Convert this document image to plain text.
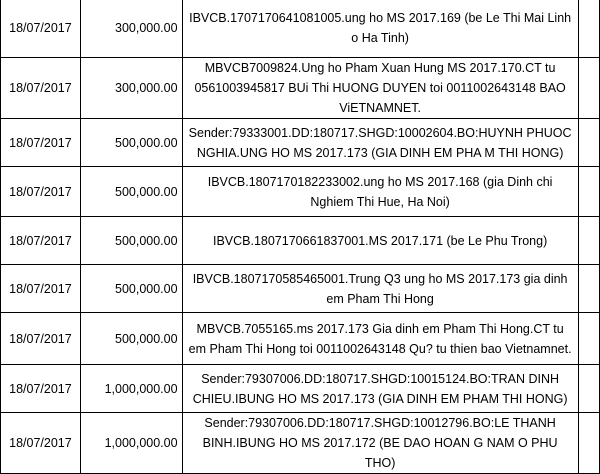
18/07/2017	300,000.00	IBVCB.1707170641081005.ung ho MS 2017.169 (be Le Thi Mai Linh o Ha Tinh)	
18/07/2017	300,000.00	MBVCB7009824.Ung ho Pham Xuan Hung MS 2017.170.CT tu 0561003945817 BUi Thi HUONG DUYEN toi 0011002643148 BAO ViETNAMNET.	
18/07/2017	500,000.00	Sender:79333001.DD:180717.SHGD:10002604.BO:HUYNH PHUOC NGHIA.UNG HO MS 2017.173 (GIA DINH EM PHA M THI HONG)	
18/07/2017	500,000.00	IBVCB.1807170182233002.ung ho MS 2017.168 (gia Dinh chi Nghiem Thi Hue, Ha Noi)	
18/07/2017	500,000.00	IBVCB.1807170661837001.MS 2017.171 (be Le Phu Trong)	
18/07/2017	500,000.00	IBVCB.1807170585465001.Trung Q3 ung ho MS 2017.173 gia dinh em Pham Thi Hong	
18/07/2017	500,000.00	MBVCB.7055165.ms 2017.173 Gia dinh em Pham Thi Hong.CT tu em Pham Thi Hong toi 0011002643148 Qu? tu thien bao Vietnamnet.	
18/07/2017	1,000,000.00	Sender:79307006.DD:180717.SHGD:10015124.BO:TRAN DINH CHIEU.IBUNG HO MS 2017.173 (GIA DINH EM PHAM THI HONG)	
18/07/2017	1,000,000.00	Sender:79307006.DD:180717.SHGD:10012796.BO:LE THANH BINH.IBUNG HO MS 2017.172 (BE DAO HOAN G NAM O PHU THO)	
